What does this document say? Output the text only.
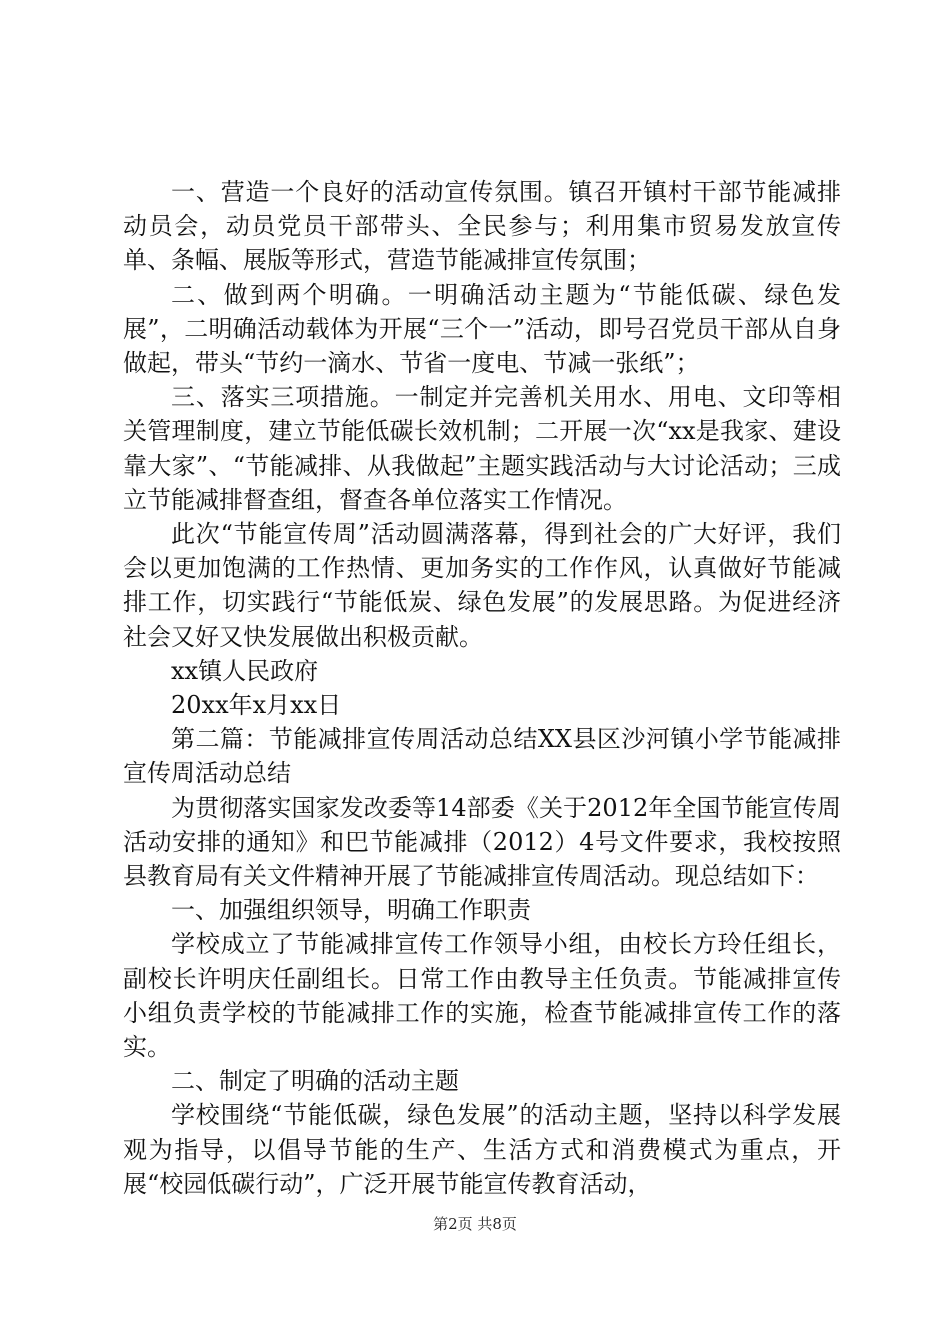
一、营造一个良好的活动宣传氛围。镇召开镇村干部节能减排动员会，动员党员干部带头、全民参与；利用集市贸易发放宣传单、条幅、展版等形式，营造节能减排宣传氛围；

二、做到两个明确。一明确活动主题为“节能低碳、绿色发展”，二明确活动载体为开展“三个一”活动，即号召党员干部从自身做起，带头“节约一滴水、节省一度电、节减一张纸”；

三、落实三项措施。一制定并完善机关用水、用电、文印等相关管理制度，建立节能低碳长效机制；二开展一次“xx是我家、建设靠大家”、“节能减排、从我做起”主题实践活动与大讨论活动；三成立节能减排督查组，督查各单位落实工作情况。

此次“节能宣传周”活动圆满落幕，得到社会的广大好评，我们会以更加饱满的工作热情、更加务实的工作作风，认真做好节能减排工作，切实践行“节能低炭、绿色发展”的发展思路。为促进经济社会又好又快发展做出积极贡献。

xx镇人民政府

20xx年x月xx日

第二篇：节能减排宣传周活动总结XX县区沙河镇小学节能减排宣传周活动总结

为贯彻落实国家发改委等14部委《关于2012年全国节能宣传周活动安排的通知》和巴节能减排（2012）4号文件要求，我校按照县教育局有关文件精神开展了节能减排宣传周活动。现总结如下：

一、加强组织领导，明确工作职责

学校成立了节能减排宣传工作领导小组，由校长方玲任组长，副校长许明庆任副组长。日常工作由教导主任负责。节能减排宣传小组负责学校的节能减排工作的实施，检查节能减排宣传工作的落实。

二、制定了明确的活动主题

学校围绕“节能低碳，绿色发展”的活动主题，坚持以科学发展观为指导，以倡导节能的生产、生活方式和消费模式为重点，开展“校园低碳行动”，广泛开展节能宣传教育活动，

第2页 共8页
